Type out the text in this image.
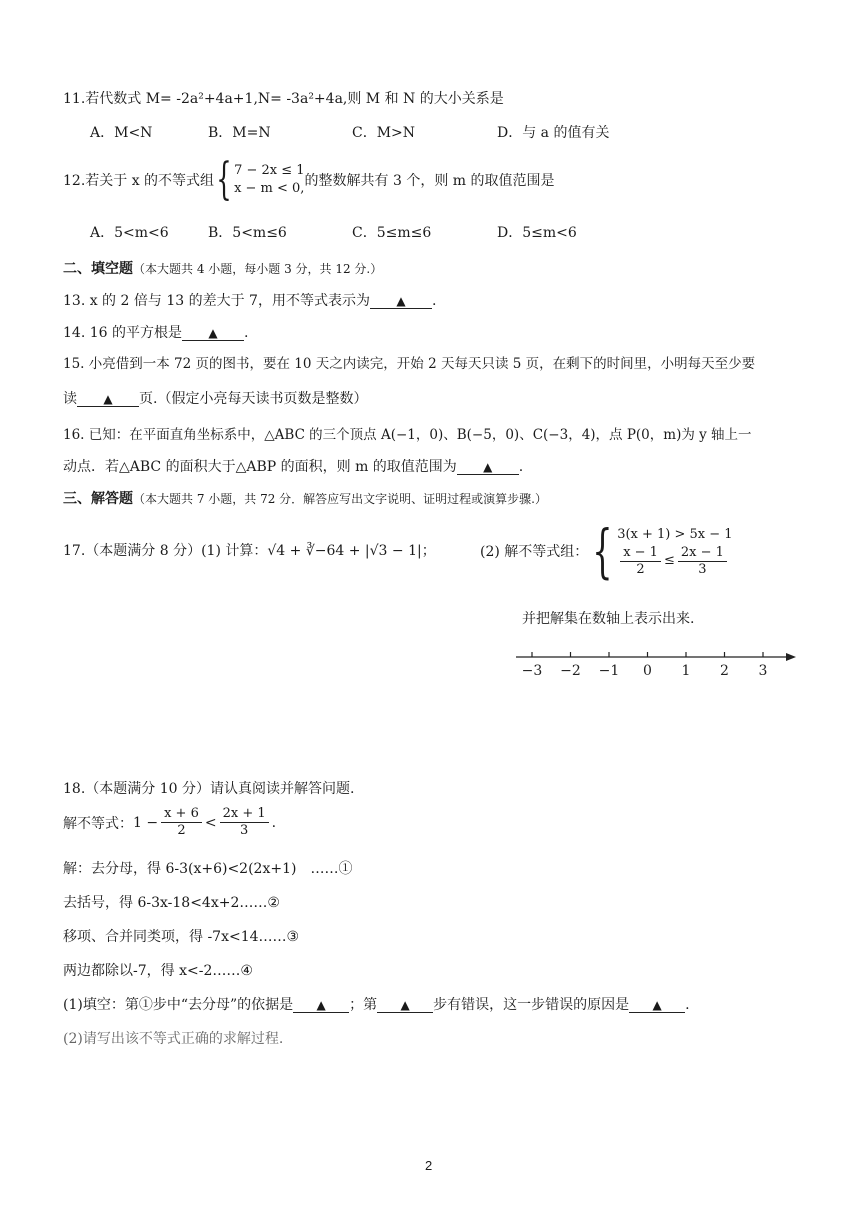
11.若代数式 M= -2a²+4a+1,N= -3a²+4a,则 M 和 N 的大小关系是
A．M<N	B．M=N	C．M>N	D．与 a 的值有关
12.若关于 x 的不等式组 { 7 − 2x ≤ 1
x − m < 0, 的整数解共有 3 个，则 m 的取值范围是
A．5<m<6	B．5<m≤6	C．5≤m≤6	D．5≤m<6
二、填空题（本大题共 4 小题，每小题 3 分，共 12 分.）
13. x 的 2 倍与 13 的差大于 7，用不等式表示为 ▲ .
14. 16 的平方根是 ▲ .
15. 小亮借到一本 72 页的图书，要在 10 天之内读完，开始 2 天每天只读 5 页，在剩下的时间里，小明每天至少要
读 ▲ 页.（假定小亮每天读书页数是整数）
16. 已知：在平面直角坐标系中，△ABC 的三个顶点 A(−1，0)、B(−5，0)、C(−3，4)，点 P(0，m)为 y 轴上一
动点．若△ABC 的面积大于△ABP 的面积，则 m 的取值范围为 ▲ .
三、解答题（本大题共 7 小题，共 72 分．解答应写出文字说明、证明过程或演算步骤.）
17.（本题满分 8 分）(1) 计算：√4 + ∛−64 + |√3 − 1|；	(2) 解不等式组： { 3(x + 1) > 5x − 1
$\frac{x - 1}{2} \le \frac{2x - 1}{3}$
并把解集在数轴上表示出来.
−3 −2 −1 0 1 2 3
18.（本题满分 10 分）请认真阅读并解答问题.
解不等式： $1 - \frac{x + 6}{2} < \frac{2x + 1}{3}$ .
解：去分母，得 6-3(x+6)<2(2x+1)　……①
去括号，得 6-3x-18<4x+2……②
移项、合并同类项，得 -7x<14……③
两边都除以-7，得 x<-2……④
(1)填空：第①步中“去分母”的依据是 ▲ ；第 ▲ 步有错误，这一步错误的原因是 ▲ .
(2)请写出该不等式正确的求解过程.
2
